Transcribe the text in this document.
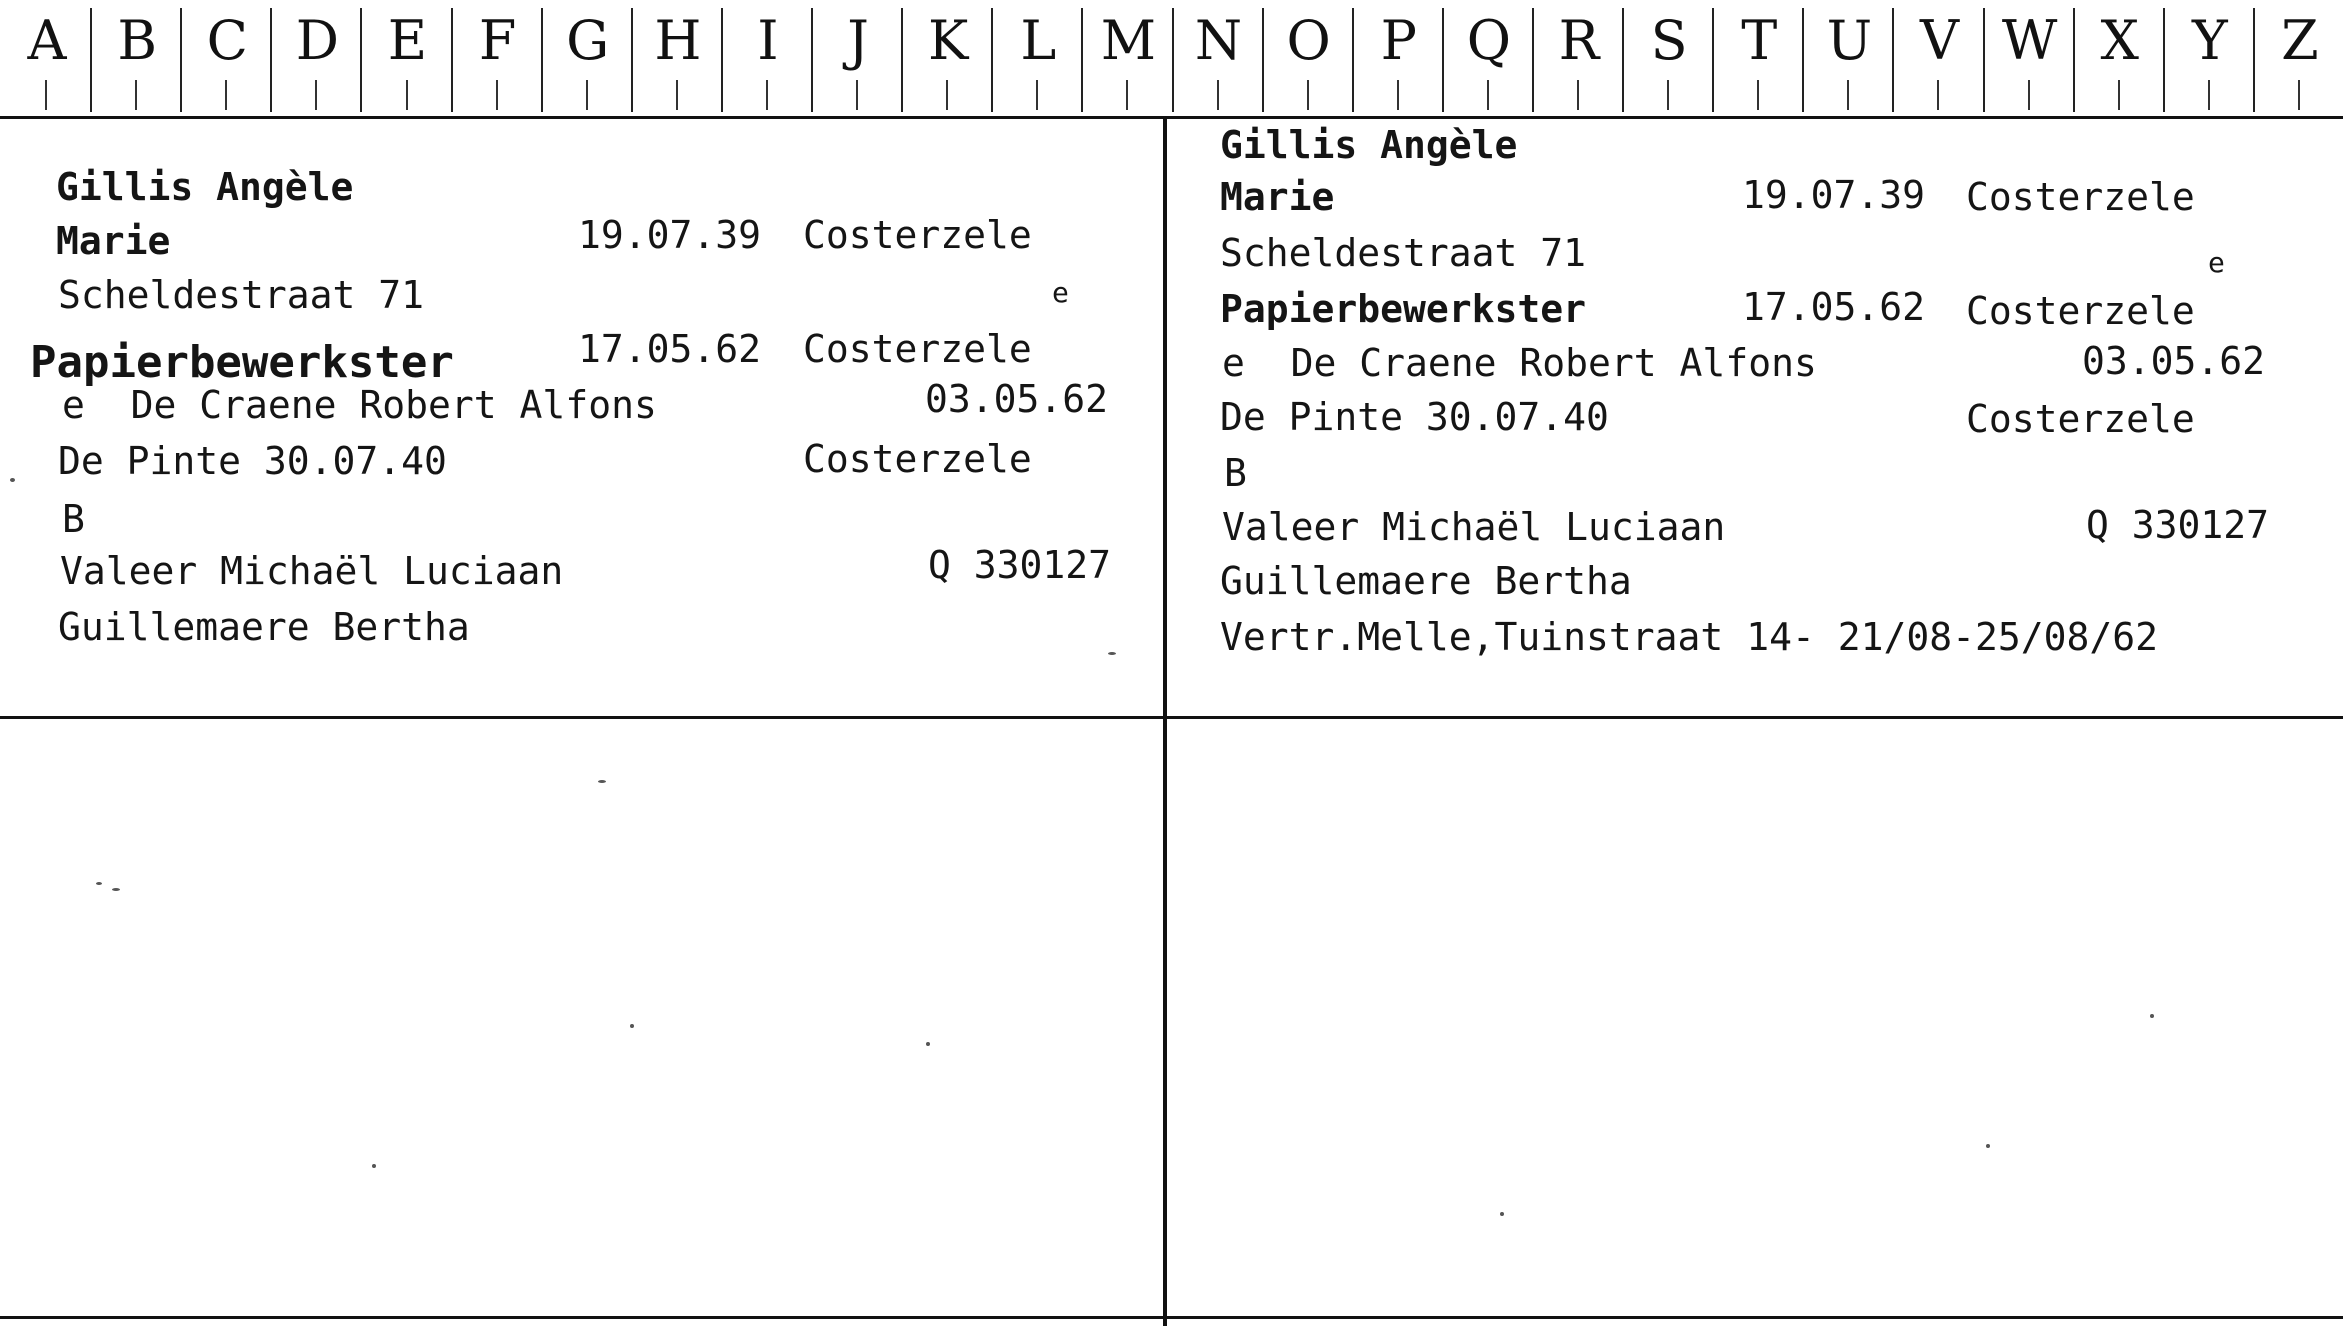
A B C D E F G H	I	J	K L M N O P Q R S T U V W X Y Z
Gillis Angèle
Marie	19.07.39 Costerzele
Scheldestraat 71	e
Papierbewerkster	17.05.62 Costerzele
e  De Craene Robert Alfons	03.05.62
De Pinte 30.07.40	Costerzele
B
Valeer Michaël Luciaan	Q 330127
Guillemaere Bertha
Gillis Angèle
Marie	19.07.39 Costerzele
Scheldestraat 71	e
Papierbewerkster	17.05.62 Costerzele
e  De Craene Robert Alfons	03.05.62
De Pinte 30.07.40	Costerzele
B
Valeer Michaël Luciaan	Q 330127
Guillemaere Bertha
Vertr.Melle,Tuinstraat 14- 21/08-25/08/62
